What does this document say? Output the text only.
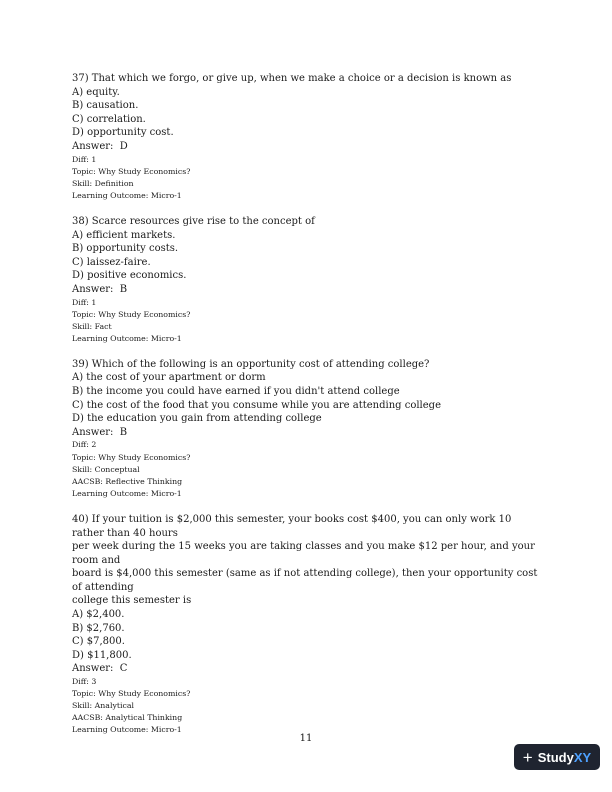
37) That which we forgo, or give up, when we make a choice or a decision is known as
A) equity.
B) causation.
C) correlation.
D) opportunity cost.
Answer:  D
Diff: 1
Topic: Why Study Economics?
Skill: Definition
Learning Outcome: Micro-1
38) Scarce resources give rise to the concept of
A) efficient markets.
B) opportunity costs.
C) laissez-faire.
D) positive economics.
Answer:  B
Diff: 1
Topic: Why Study Economics?
Skill: Fact
Learning Outcome: Micro-1
39) Which of the following is an opportunity cost of attending college?
A) the cost of your apartment or dorm
B) the income you could have earned if you didn't attend college
C) the cost of the food that you consume while you are attending college
D) the education you gain from attending college
Answer:  B
Diff: 2
Topic: Why Study Economics?
Skill: Conceptual
AACSB: Reflective Thinking
Learning Outcome: Micro-1
40) If your tuition is $2,000 this semester, your books cost $400, you can only work 10 rather than 40 hours
per week during the 15 weeks you are taking classes and you make $12 per hour, and your room and
board is $4,000 this semester (same as if not attending college), then your opportunity cost of attending
college this semester is
A) $2,400.
B) $2,760.
C) $7,800.
D) $11,800.
Answer:  C
Diff: 3
Topic: Why Study Economics?
Skill: Analytical
AACSB: Analytical Thinking
Learning Outcome: Micro-1
11
+ Study XY
